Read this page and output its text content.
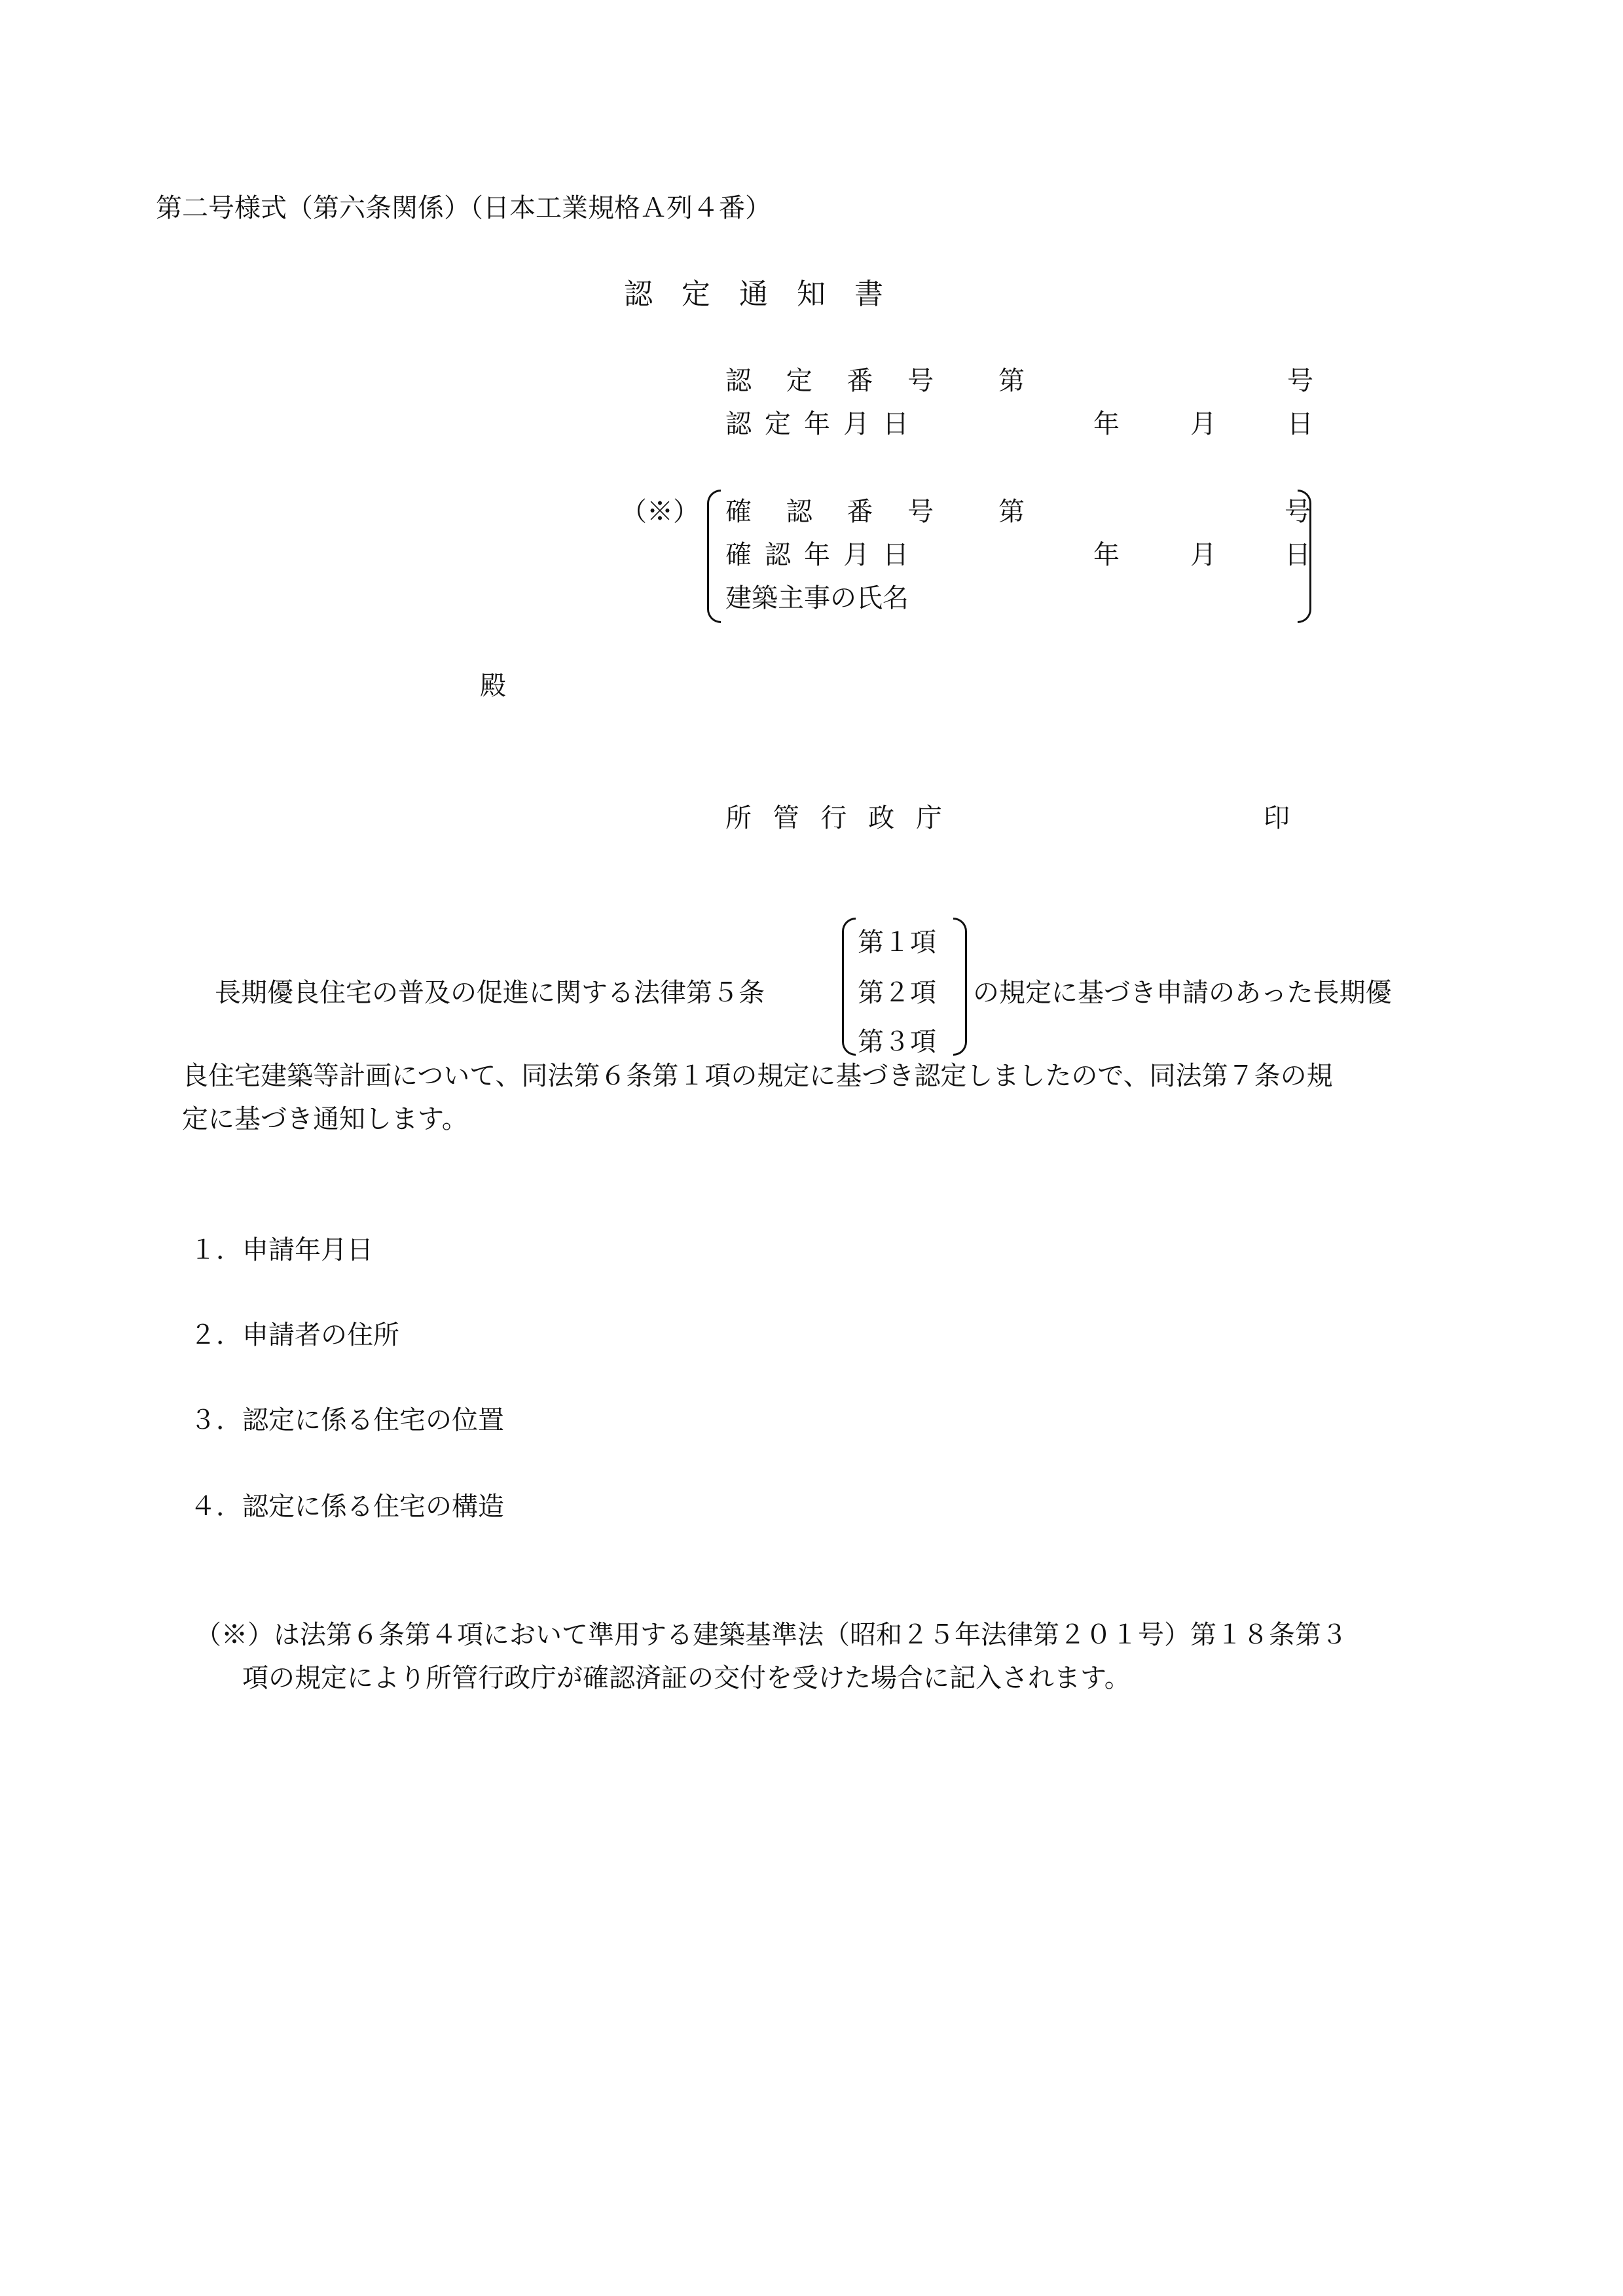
第二号様式（第六条関係）（日本工業規格Ａ列４番）
認　定　通　知　書
認 定 番 号 第	号
認定年月日	年	月	日
（※） 確 認 番 号 第	号
確認年月日	年	月	日
建築主事の氏名
殿
所 管 行 政 庁	印
長期優良住宅の普及の促進に関する法律第５条
第１項
第２項
第３項
の規定に基づき申請のあった長期優
良住宅建築等計画について、同法第６条第１項の規定に基づき認定しましたので、同法第７条の規
定に基づき通知します。
１．申請年月日
２．申請者の住所
３．認定に係る住宅の位置
４．認定に係る住宅の構造
（※）は法第６条第４項において準用する建築基準法（昭和２５年法律第２０１号）第１８条第３
項の規定により所管行政庁が確認済証の交付を受けた場合に記入されます。
